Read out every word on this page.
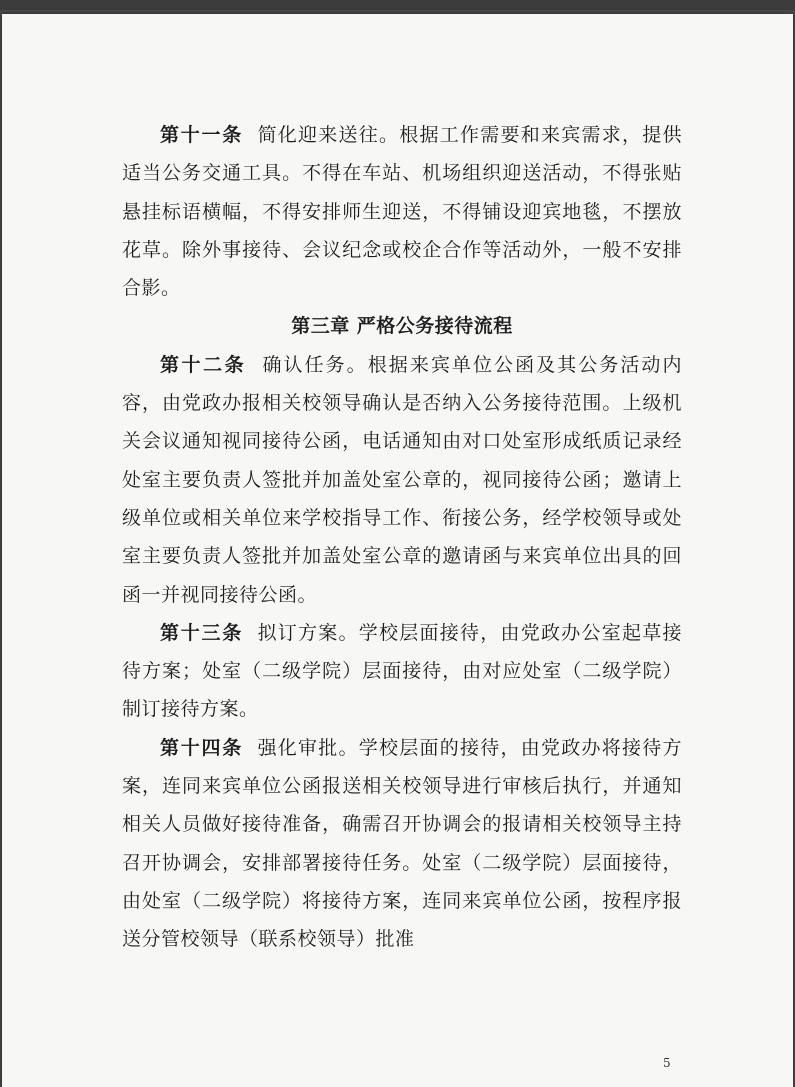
第十一条 简化迎来送往。根据工作需要和来宾需求，提供适当公务交通工具。不得在车站、机场组织迎送活动，不得张贴悬挂标语横幅，不得安排师生迎送，不得铺设迎宾地毯，不摆放花草。除外事接待、会议纪念或校企合作等活动外，一般不安排合影。

第三章 严格公务接待流程

第十二条 确认任务。根据来宾单位公函及其公务活动内容，由党政办报相关校领导确认是否纳入公务接待范围。上级机关会议通知视同接待公函，电话通知由对口处室形成纸质记录经处室主要负责人签批并加盖处室公章的，视同接待公函；邀请上级单位或相关单位来学校指导工作、衔接公务，经学校领导或处室主要负责人签批并加盖处室公章的邀请函与来宾单位出具的回函一并视同接待公函。

第十三条 拟订方案。学校层面接待，由党政办公室起草接待方案；处室（二级学院）层面接待，由对应处室（二级学院）制订接待方案。

第十四条 强化审批。学校层面的接待，由党政办将接待方案，连同来宾单位公函报送相关校领导进行审核后执行，并通知相关人员做好接待准备，确需召开协调会的报请相关校领导主持召开协调会，安排部署接待任务。处室（二级学院）层面接待，由处室（二级学院）将接待方案，连同来宾单位公函，按程序报送分管校领导（联系校领导）批准

5
